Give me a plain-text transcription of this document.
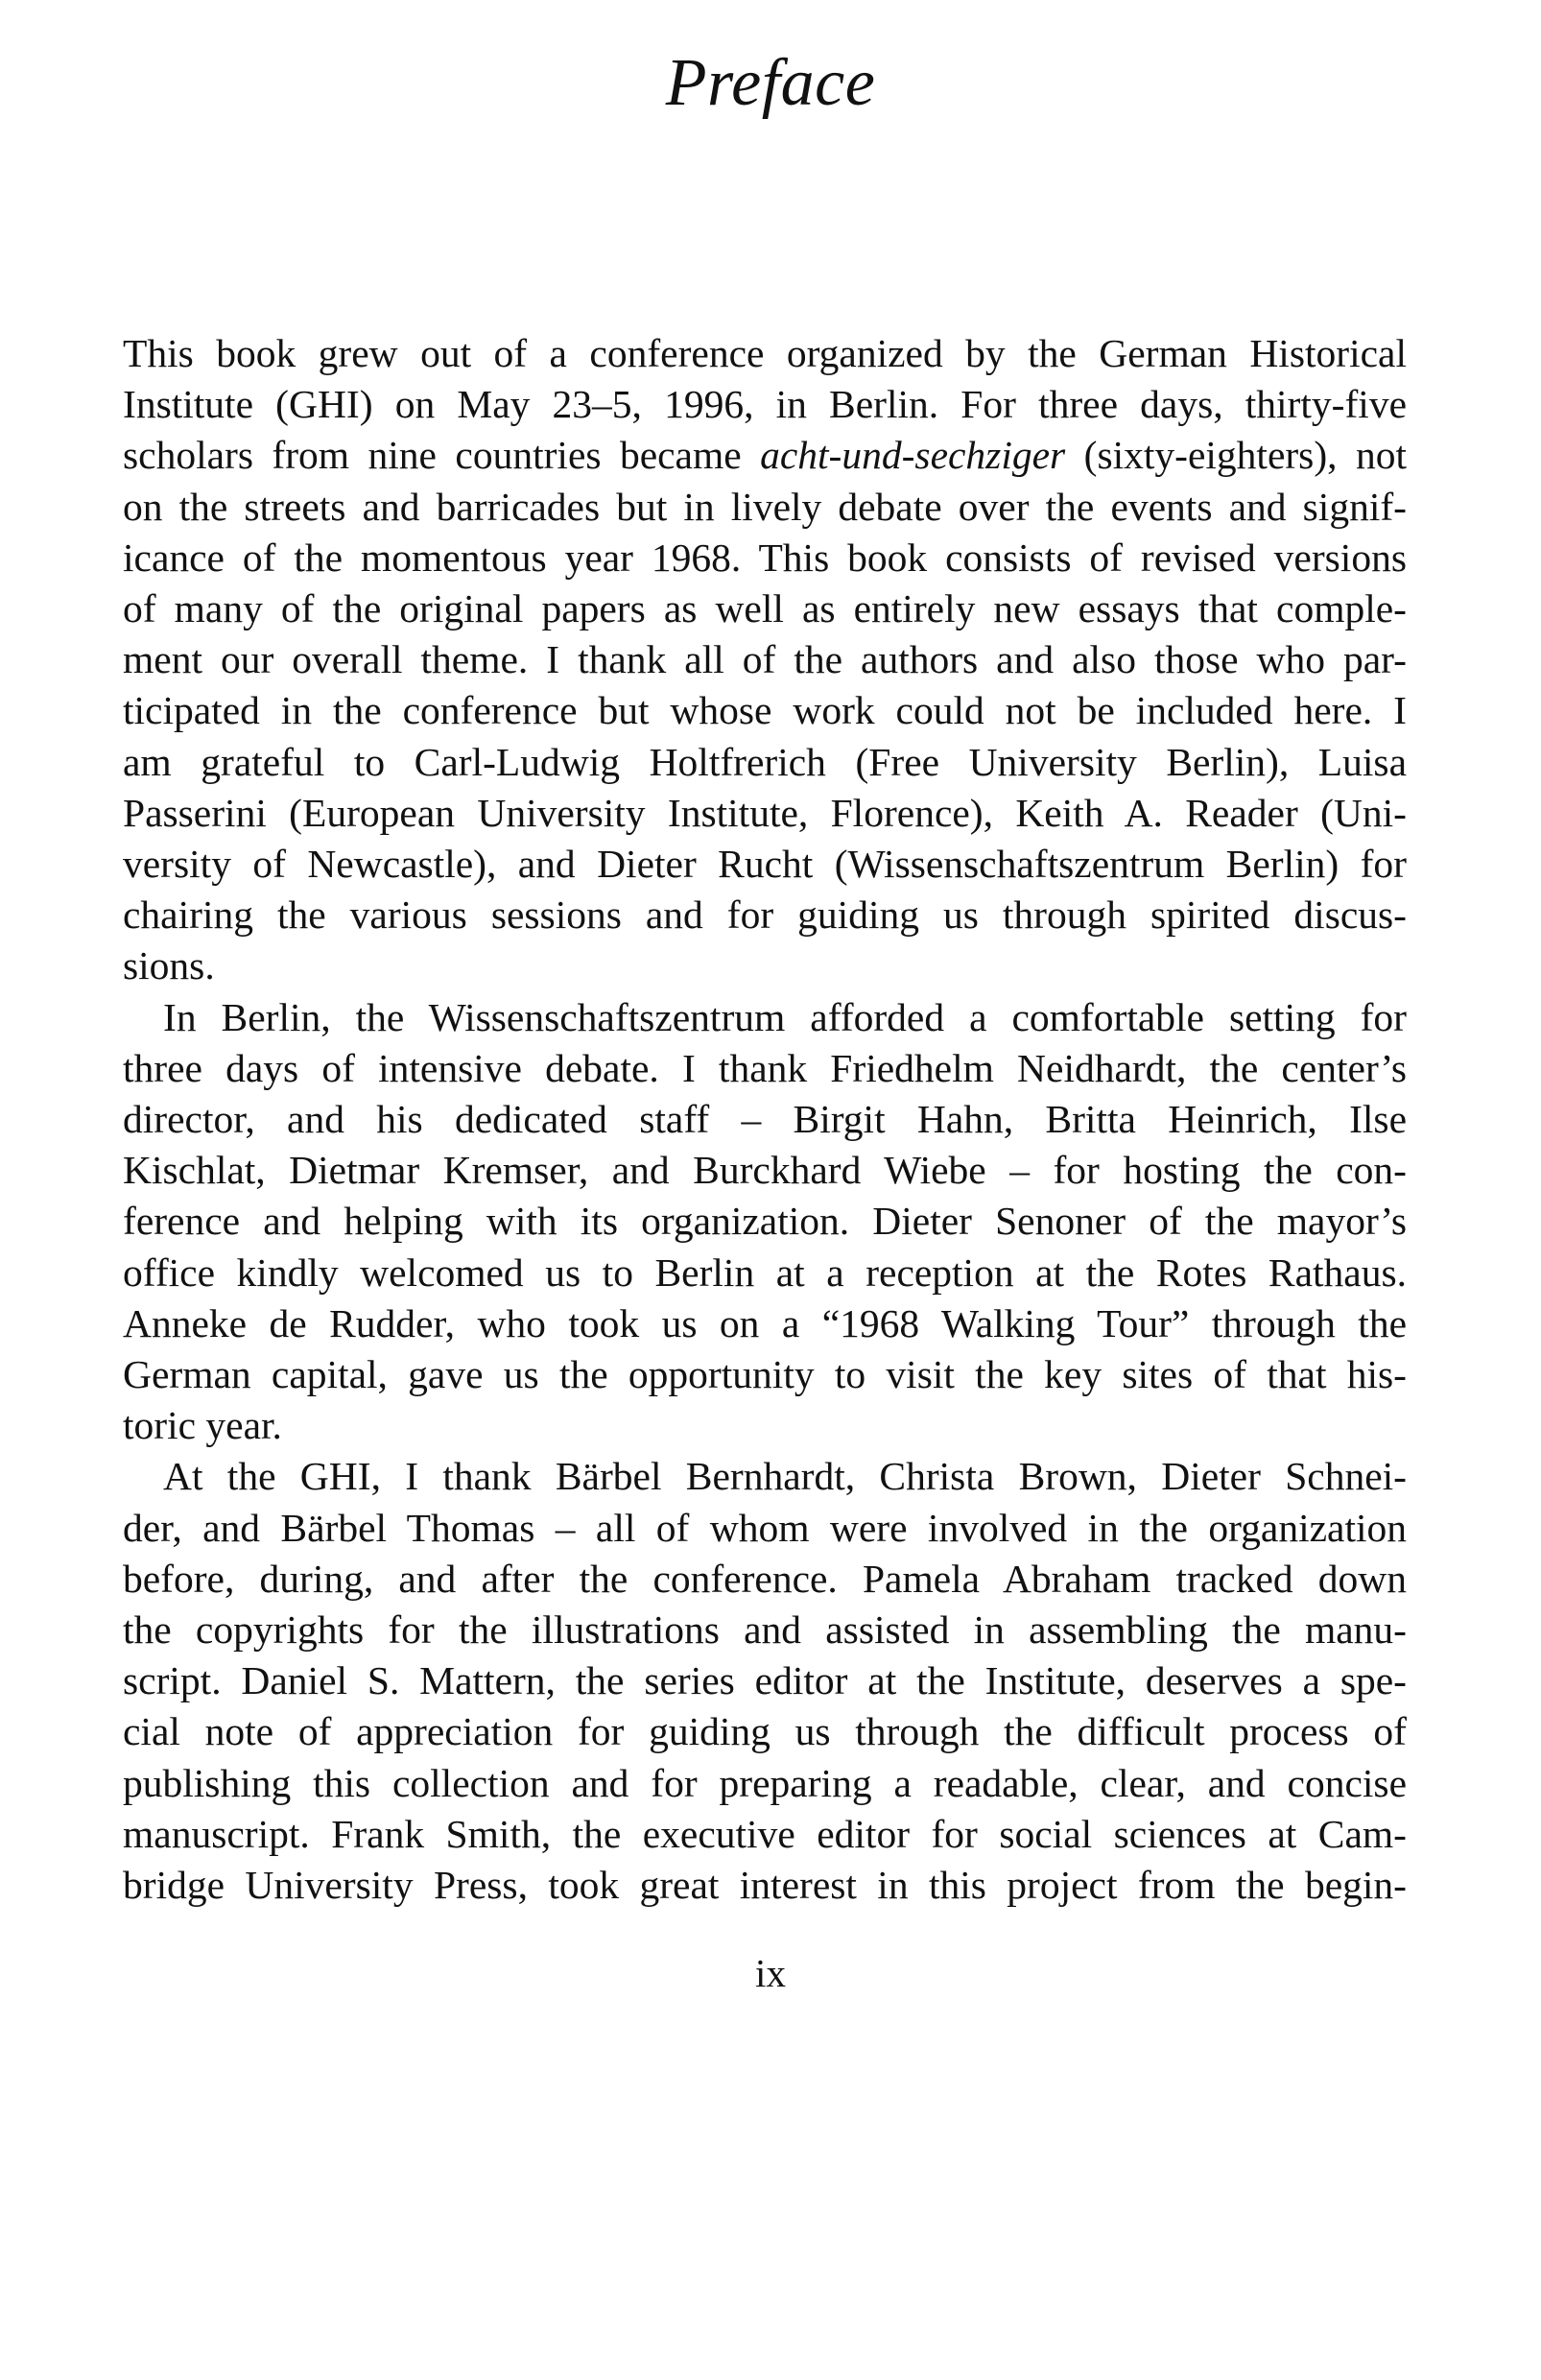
Preface

This book grew out of a conference organized by the German Historical
Institute (GHI) on May 23–5, 1996, in Berlin. For three days, thirty-five
scholars from nine countries became acht-und-sechziger (sixty-eighters), not
on the streets and barricades but in lively debate over the events and signif-
icance of the momentous year 1968. This book consists of revised versions
of many of the original papers as well as entirely new essays that comple-
ment our overall theme. I thank all of the authors and also those who par-
ticipated in the conference but whose work could not be included here. I
am grateful to Carl-Ludwig Holtfrerich (Free University Berlin), Luisa
Passerini (European University Institute, Florence), Keith A. Reader (Uni-
versity of Newcastle), and Dieter Rucht (Wissenschaftszentrum Berlin) for
chairing the various sessions and for guiding us through spirited discus-
sions.

In Berlin, the Wissenschaftszentrum afforded a comfortable setting for
three days of intensive debate. I thank Friedhelm Neidhardt, the center’s
director, and his dedicated staff – Birgit Hahn, Britta Heinrich, Ilse
Kischlat, Dietmar Kremser, and Burckhard Wiebe – for hosting the con-
ference and helping with its organization. Dieter Senoner of the mayor’s
office kindly welcomed us to Berlin at a reception at the Rotes Rathaus.
Anneke de Rudder, who took us on a “1968 Walking Tour” through the
German capital, gave us the opportunity to visit the key sites of that his-
toric year.

At the GHI, I thank Bärbel Bernhardt, Christa Brown, Dieter Schnei-
der, and Bärbel Thomas – all of whom were involved in the organization
before, during, and after the conference. Pamela Abraham tracked down
the copyrights for the illustrations and assisted in assembling the manu-
script. Daniel S. Mattern, the series editor at the Institute, deserves a spe-
cial note of appreciation for guiding us through the difficult process of
publishing this collection and for preparing a readable, clear, and concise
manuscript. Frank Smith, the executive editor for social sciences at Cam-
bridge University Press, took great interest in this project from the begin-

ix
